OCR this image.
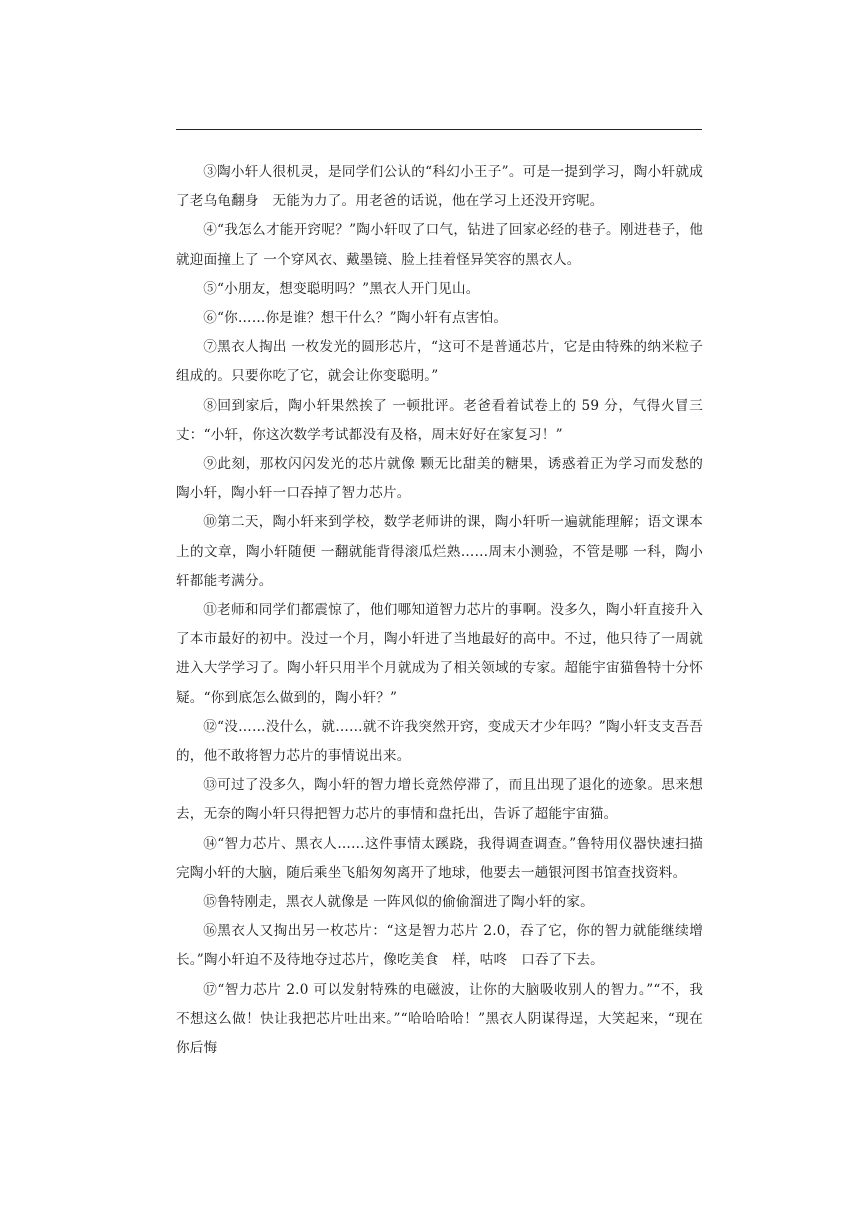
③陶小轩人很机灵，是同学们公认的“科幻小王子”。可是一提到学习，陶小轩就成了老乌龟翻身　无能为力了。用老爸的话说，他在学习上还没开窍呢。

④“我怎么才能开窍呢？”陶小轩叹了口气，钻进了回家必经的巷子。刚进巷子，他就迎面撞上了 一个穿风衣、戴墨镜、脸上挂着怪异笑容的黑衣人。

⑤“小朋友，想变聪明吗？”黑衣人开门见山。

⑥“你……你是谁？想干什么？”陶小轩有点害怕。

⑦黑衣人掏出 一枚发光的圆形芯片，“这可不是普通芯片，它是由特殊的纳米粒子组成的。只要你吃了它，就会让你变聪明。”

⑧回到家后，陶小轩果然挨了 一顿批评。老爸看着试卷上的 59 分，气得火冒三丈：“小轩，你这次数学考试都没有及格，周末好好在家复习！”

⑨此刻，那枚闪闪发光的芯片就像 颗无比甜美的糖果，诱惑着正为学习而发愁的陶小轩，陶小轩一口吞掉了智力芯片。

⑩第二天，陶小轩来到学校，数学老师讲的课，陶小轩听一遍就能理解；语文课本上的文章，陶小轩随便 一翻就能背得滚瓜烂熟……周末小测验，不管是哪 一科，陶小轩都能考满分。

⑪老师和同学们都震惊了，他们哪知道智力芯片的事啊。没多久，陶小轩直接升入了本市最好的初中。没过一个月，陶小轩进了当地最好的高中。不过，他只待了一周就进入大学学习了。陶小轩只用半个月就成为了相关领域的专家。超能宇宙猫鲁特十分怀疑。“你到底怎么做到的，陶小轩？”

⑫“没……没什么，就……就不许我突然开窍，变成天才少年吗？”陶小轩支支吾吾的，他不敢将智力芯片的事情说出来。

⑬可过了没多久，陶小轩的智力增长竟然停滞了，而且出现了退化的迹象。思来想去，无奈的陶小轩只得把智力芯片的事情和盘托出，告诉了超能宇宙猫。

⑭“智力芯片、黑衣人……这件事情太蹊跷，我得调查调查。”鲁特用仪器快速扫描完陶小轩的大脑，随后乘坐飞船匆匆离开了地球，他要去一趟银河图书馆查找资料。

⑮鲁特刚走，黑衣人就像是 一阵风似的偷偷溜进了陶小轩的家。

⑯黑衣人又掏出另一枚芯片：“这是智力芯片 2.0，吞了它，你的智力就能继续增长。”陶小轩迫不及待地夺过芯片，像吃美食　样，咕咚　口吞了下去。

⑰“智力芯片 2.0 可以发射特殊的电磁波，让你的大脑吸收别人的智力。”“不，我不想这么做！快让我把芯片吐出来。”“哈哈哈哈！”黑衣人阴谋得逞，大笑起来，“现在你后悔
